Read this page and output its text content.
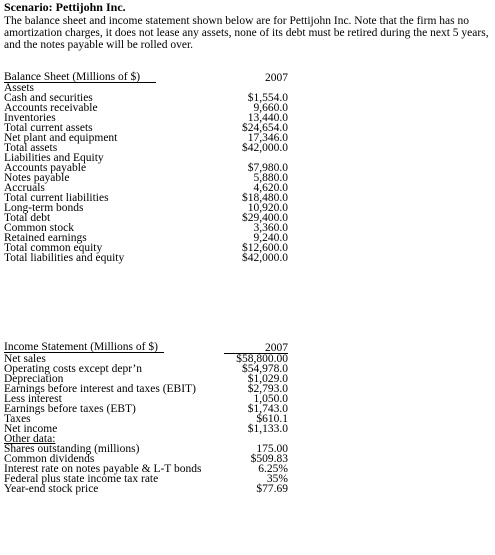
Scenario: Pettijohn Inc.
The balance sheet and income statement shown below are for Pettijohn Inc. Note that the firm has no amortization charges, it does not lease any assets, none of its debt must be retired during the next 5 years, and the notes payable will be rolled over.
Balance Sheet (Millions of $)		2007
Assets		
Cash and securities		$1,554.0
Accounts receivable		9,660.0
Inventories		13,440.0
Total current assets		$24,654.0
Net plant and equipment		17,346.0
Total assets		$42,000.0
Liabilities and Equity		
Accounts payable		$7,980.0
Notes payable		5,880.0
Accruals		4,620.0
Total current liabilities		$18,480.0
Long-term bonds		10,920.0
Total debt		$29,400.0
Common stock		3,360.0
Retained earnings		9,240.0
Total common equity		$12,600.0
Total liabilities and equity		$42,000.0
Income Statement (Millions of $)		2007
Net sales		$58,800.00
Operating costs except depr’n		$54,978.0
Depreciation		$1,029.0
Earnings before interest and taxes (EBIT)		$2,793.0
Less interest		1,050.0
Earnings before taxes (EBT)		$1,743.0
Taxes		$610.1
Net income		$1,133.0
Other data:		
Shares outstanding (millions)		175.00
Common dividends		$509.83
Interest rate on notes payable & L-T bonds		6.25%
Federal plus state income tax rate		35%
Year-end stock price		$77.69
